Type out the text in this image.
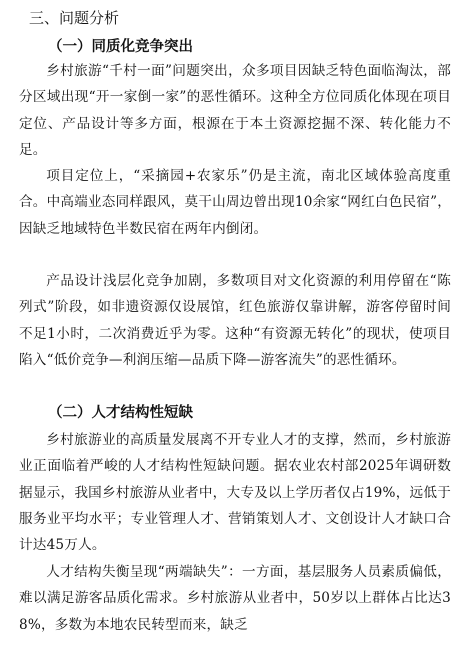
三、问题分析
（一）同质化竞争突出
乡村旅游“千村一面”问题突出，众多项目因缺乏特色面临淘汰，部分区域出现“开一家倒一家”的恶性循环。这种全方位同质化体现在项目定位、产品设计等多方面，根源在于本土资源挖掘不深、转化能力不足。
项目定位上，“采摘园+农家乐”仍是主流，南北区域体验高度重合。中高端业态同样跟风，莫干山周边曾出现10余家“网红白色民宿”，因缺乏地域特色半数民宿在两年内倒闭。
产品设计浅层化竞争加剧，多数项目对文化资源的利用停留在“陈列式”阶段，如非遗资源仅设展馆，红色旅游仅靠讲解，游客停留时间不足1小时，二次消费近乎为零。这种“有资源无转化”的现状，使项目陷入“低价竞争—利润压缩—品质下降—游客流失”的恶性循环。
（二）人才结构性短缺
乡村旅游业的高质量发展离不开专业人才的支撑，然而，乡村旅游业正面临着严峻的人才结构性短缺问题。据农业农村部2025年调研数据显示，我国乡村旅游从业者中，大专及以上学历者仅占19%，远低于服务业平均水平；专业管理人才、营销策划人才、文创设计人才缺口合计达45万人。
人才结构失衡呈现“两端缺失”：一方面，基层服务人员素质偏低，难以满足游客品质化需求。乡村旅游从业者中，50岁以上群体占比达38%，多数为本地农民转型而来，缺乏
